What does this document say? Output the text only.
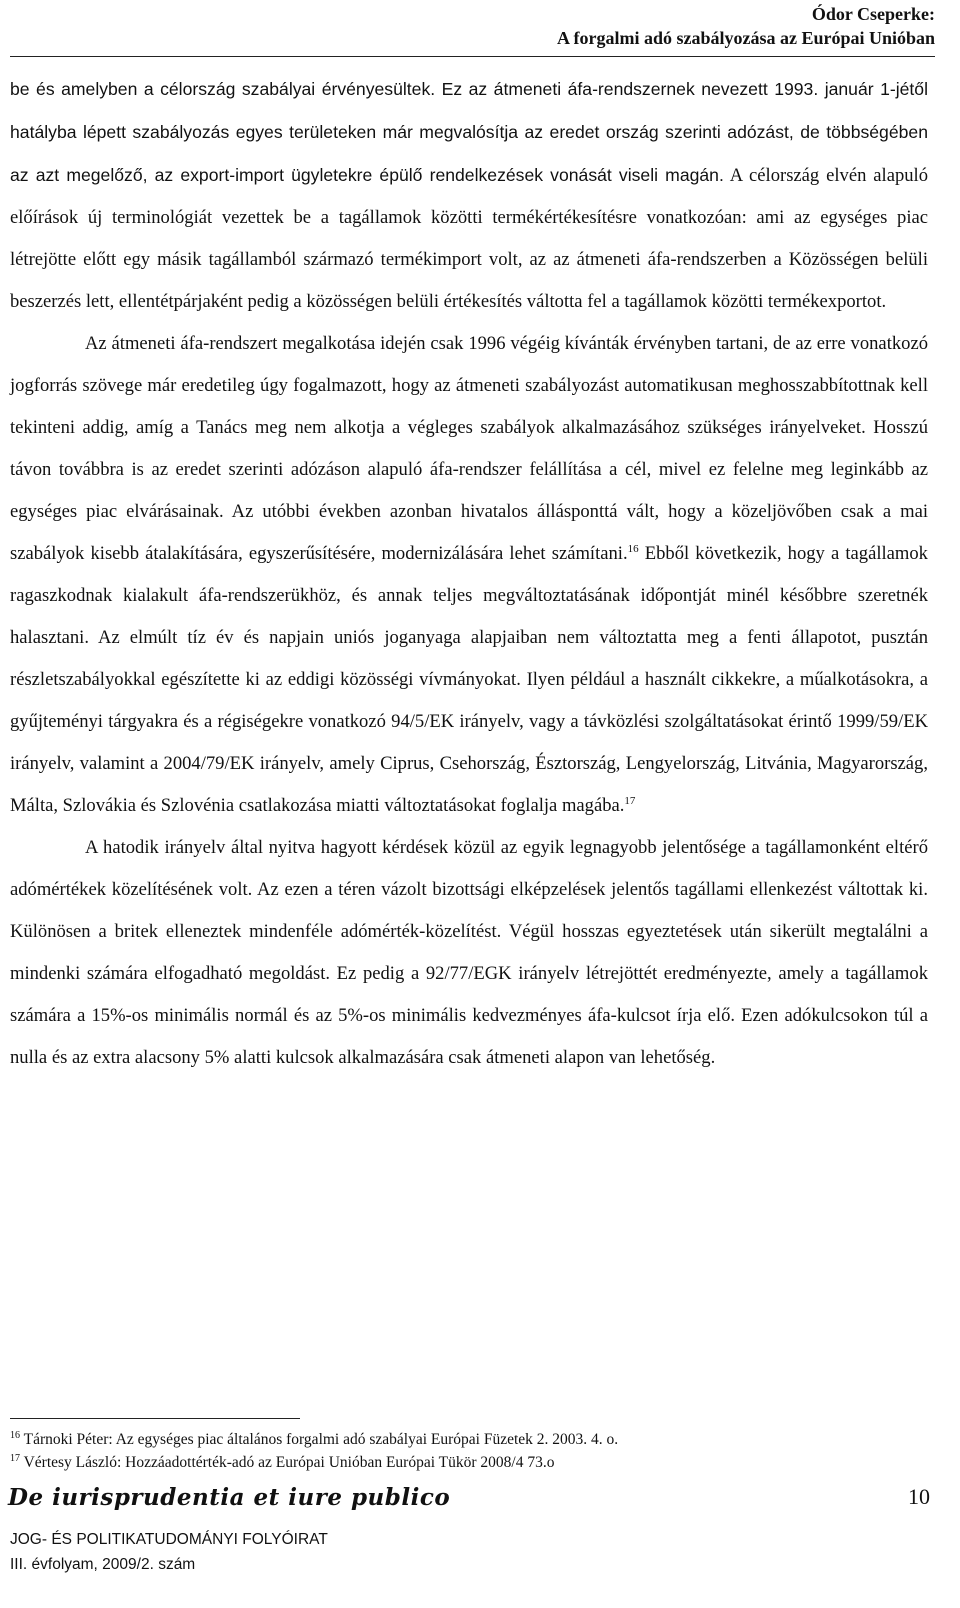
Ódor Cseperke:
A forgalmi adó szabályozása az Európai Unióban

be és amelyben a célország szabályai érvényesültek. Ez az átmeneti áfa-rendszernek nevezett 1993. január 1-jétől hatályba lépett szabályozás egyes területeken már megvalósítja az eredet ország szerinti adózást, de többségében az azt megelőző, az export-import ügyletekre épülő rendelkezések vonását viseli magán. A célország elvén alapuló előírások új terminológiát vezettek be a tagállamok közötti termékértékesítésre vonatkozóan: ami az egységes piac létrejötte előtt egy másik tagállamból származó termékimport volt, az az átmeneti áfa-rendszerben a Közösségen belüli beszerzés lett, ellentétpárjaként pedig a közösségen belüli értékesítés váltotta fel a tagállamok közötti termékexportot.

Az átmeneti áfa-rendszert megalkotása idején csak 1996 végéig kívánták érvényben tartani, de az erre vonatkozó jogforrás szövege már eredetileg úgy fogalmazott, hogy az átmeneti szabályozást automatikusan meghosszabbítottnak kell tekinteni addig, amíg a Tanács meg nem alkotja a végleges szabályok alkalmazásához szükséges irányelveket. Hosszú távon továbbra is az eredet szerinti adózáson alapuló áfa-rendszer felállítása a cél, mivel ez felelne meg leginkább az egységes piac elvárásainak. Az utóbbi években azonban hivatalos állásponttá vált, hogy a közeljövőben csak a mai szabályok kisebb átalakítására, egyszerűsítésére, modernizálására lehet számítani.$^{16}$ Ebből következik, hogy a tagállamok ragaszkodnak kialakult áfa-rendszerükhöz, és annak teljes megváltoztatásának időpontját minél későbbre szeretnék halasztani. Az elmúlt tíz év és napjain uniós joganyaga alapjaiban nem változtatta meg a fenti állapotot, pusztán részletszabályokkal egészítette ki az eddigi közösségi vívmányokat. Ilyen például a használt cikkekre, a műalkotásokra, a gyűjteményi tárgyakra és a régiségekre vonatkozó 94/5/EK irányelv, vagy a távközlési szolgáltatásokat érintő 1999/59/EK irányelv, valamint a 2004/79/EK irányelv, amely Ciprus, Csehország, Észtország, Lengyelország, Litvánia, Magyarország, Málta, Szlovákia és Szlovénia csatlakozása miatti változtatásokat foglalja magába.$^{17}$

A hatodik irányelv által nyitva hagyott kérdések közül az egyik legnagyobb jelentősége a tagállamonként eltérő adómértékek közelítésének volt. Az ezen a téren vázolt bizottsági elképzelések jelentős tagállami ellenkezést váltottak ki. Különösen a britek elleneztek mindenféle adómérték-közelítést. Végül hosszas egyeztetések után sikerült megtalálni a mindenki számára elfogadható megoldást. Ez pedig a 92/77/EGK irányelv létrejöttét eredményezte, amely a tagállamok számára a 15%-os minimális normál és az 5%-os minimális kedvezményes áfa-kulcsot írja elő. Ezen adókulcsokon túl a nulla és az extra alacsony 5% alatti kulcsok alkalmazására csak átmeneti alapon van lehetőség.

$^{16}$ Tárnoki Péter: Az egységes piac általános forgalmi adó szabályai Európai Füzetek 2. 2003. 4. o.

$^{17}$ Vértesy László: Hozzáadottérték-adó az Európai Unióban Európai Tükör 2008/4 73.o

De iurisprudentia et iure publico	10
JOG- ÉS POLITIKATUDOMÁNYI FOLYÓIRAT
III. évfolyam, 2009/2. szám
